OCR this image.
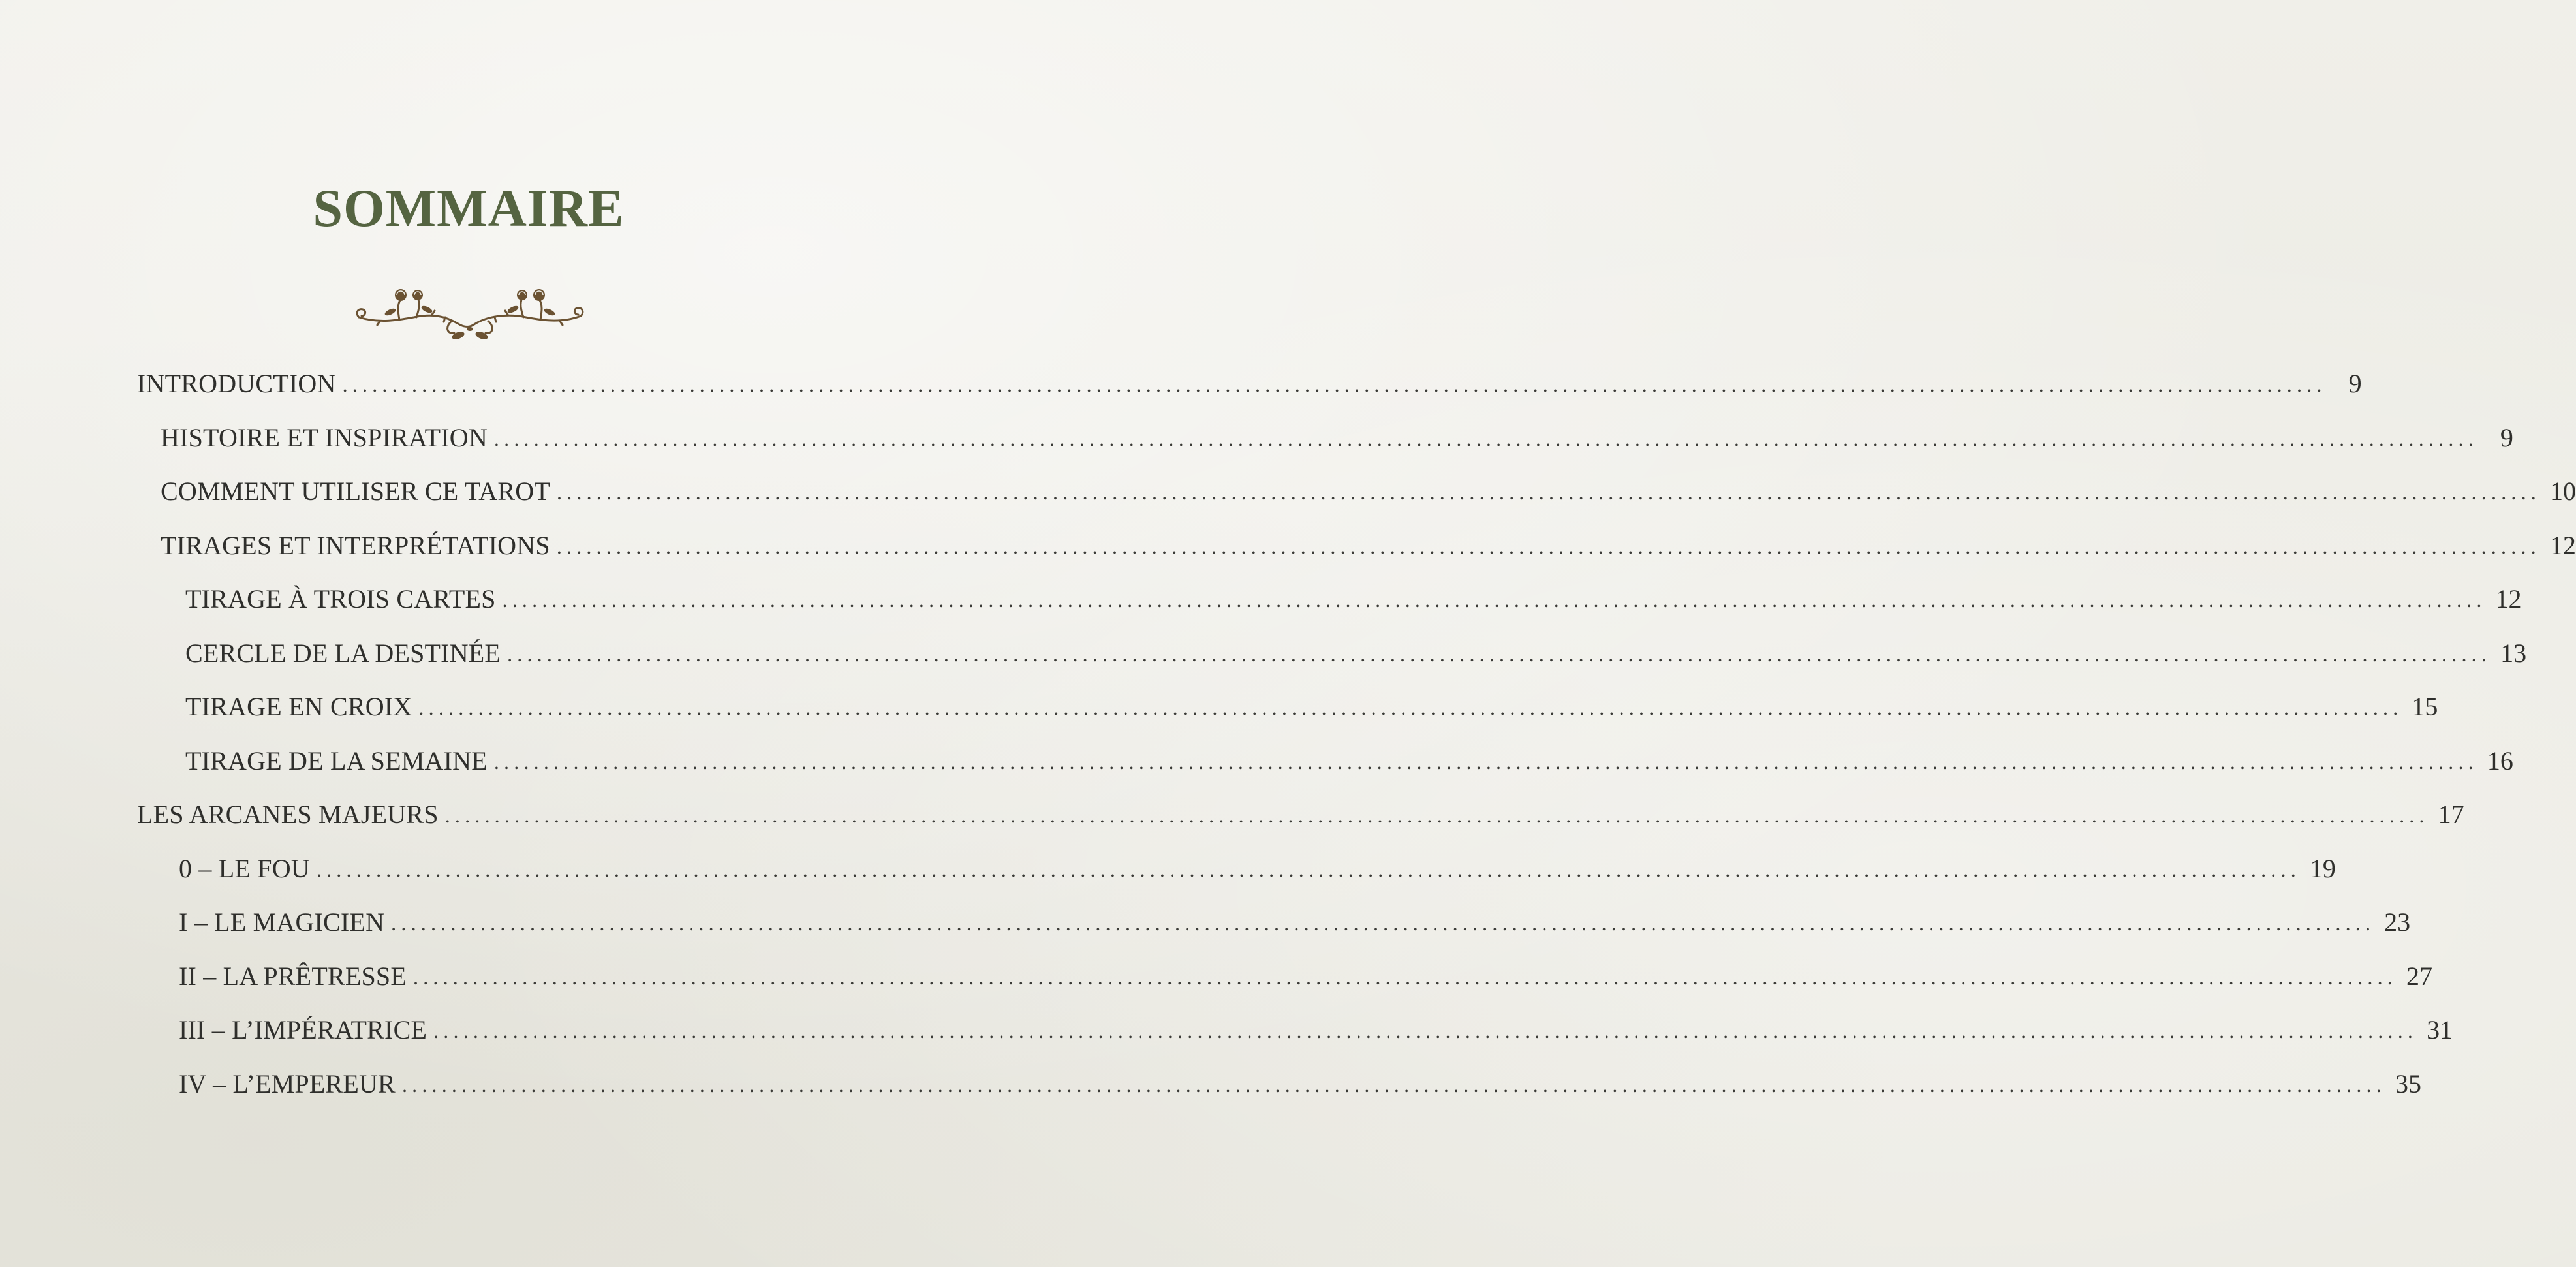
SOMMAIRE
INTRODUCTION ........................................................................................................................................................................................................ 9
HISTOIRE ET INSPIRATION ........................................................................................................................................................................................................ 9
COMMENT UTILISER CE TAROT ........................................................................................................................................................................................................ 10
TIRAGES ET INTERPRÉTATIONS ........................................................................................................................................................................................................ 12
TIRAGE À TROIS CARTES ........................................................................................................................................................................................................ 12
CERCLE DE LA DESTINÉE ........................................................................................................................................................................................................ 13
TIRAGE EN CROIX ........................................................................................................................................................................................................ 15
TIRAGE DE LA SEMAINE ........................................................................................................................................................................................................ 16
LES ARCANES MAJEURS ........................................................................................................................................................................................................ 17
0 – LE FOU ........................................................................................................................................................................................................ 19
I – LE MAGICIEN ........................................................................................................................................................................................................ 23
II – LA PRÊTRESSE ........................................................................................................................................................................................................ 27
III – L’IMPÉRATRICE ........................................................................................................................................................................................................ 31
IV – L’EMPEREUR ........................................................................................................................................................................................................ 35
